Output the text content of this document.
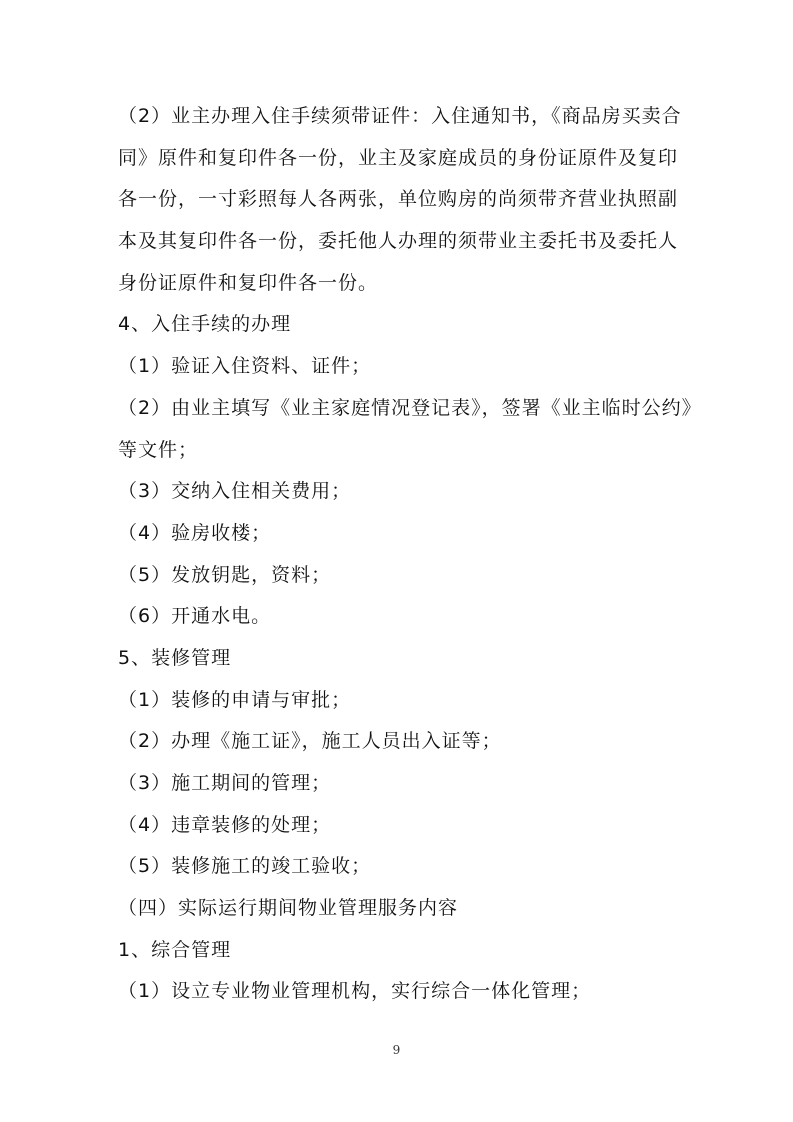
（2）业主办理入住手续须带证件：入住通知书，《商品房买卖合
同》原件和复印件各一份，业主及家庭成员的身份证原件及复印
各一份，一寸彩照每人各两张，单位购房的尚须带齐营业执照副
本及其复印件各一份，委托他人办理的须带业主委托书及委托人
身份证原件和复印件各一份。
4、入住手续的办理
（1）验证入住资料、证件；
（2）由业主填写《业主家庭情况登记表》，签署《业主临时公约》
等文件；
（3）交纳入住相关费用；
（4）验房收楼；
（5）发放钥匙，资料；
（6）开通水电。
5、装修管理
（1）装修的申请与审批；
（2）办理《施工证》，施工人员出入证等；
（3）施工期间的管理；
（4）违章装修的处理；
（5）装修施工的竣工验收；
（四）实际运行期间物业管理服务内容
1、综合管理
（1）设立专业物业管理机构，实行综合一体化管理；
9
